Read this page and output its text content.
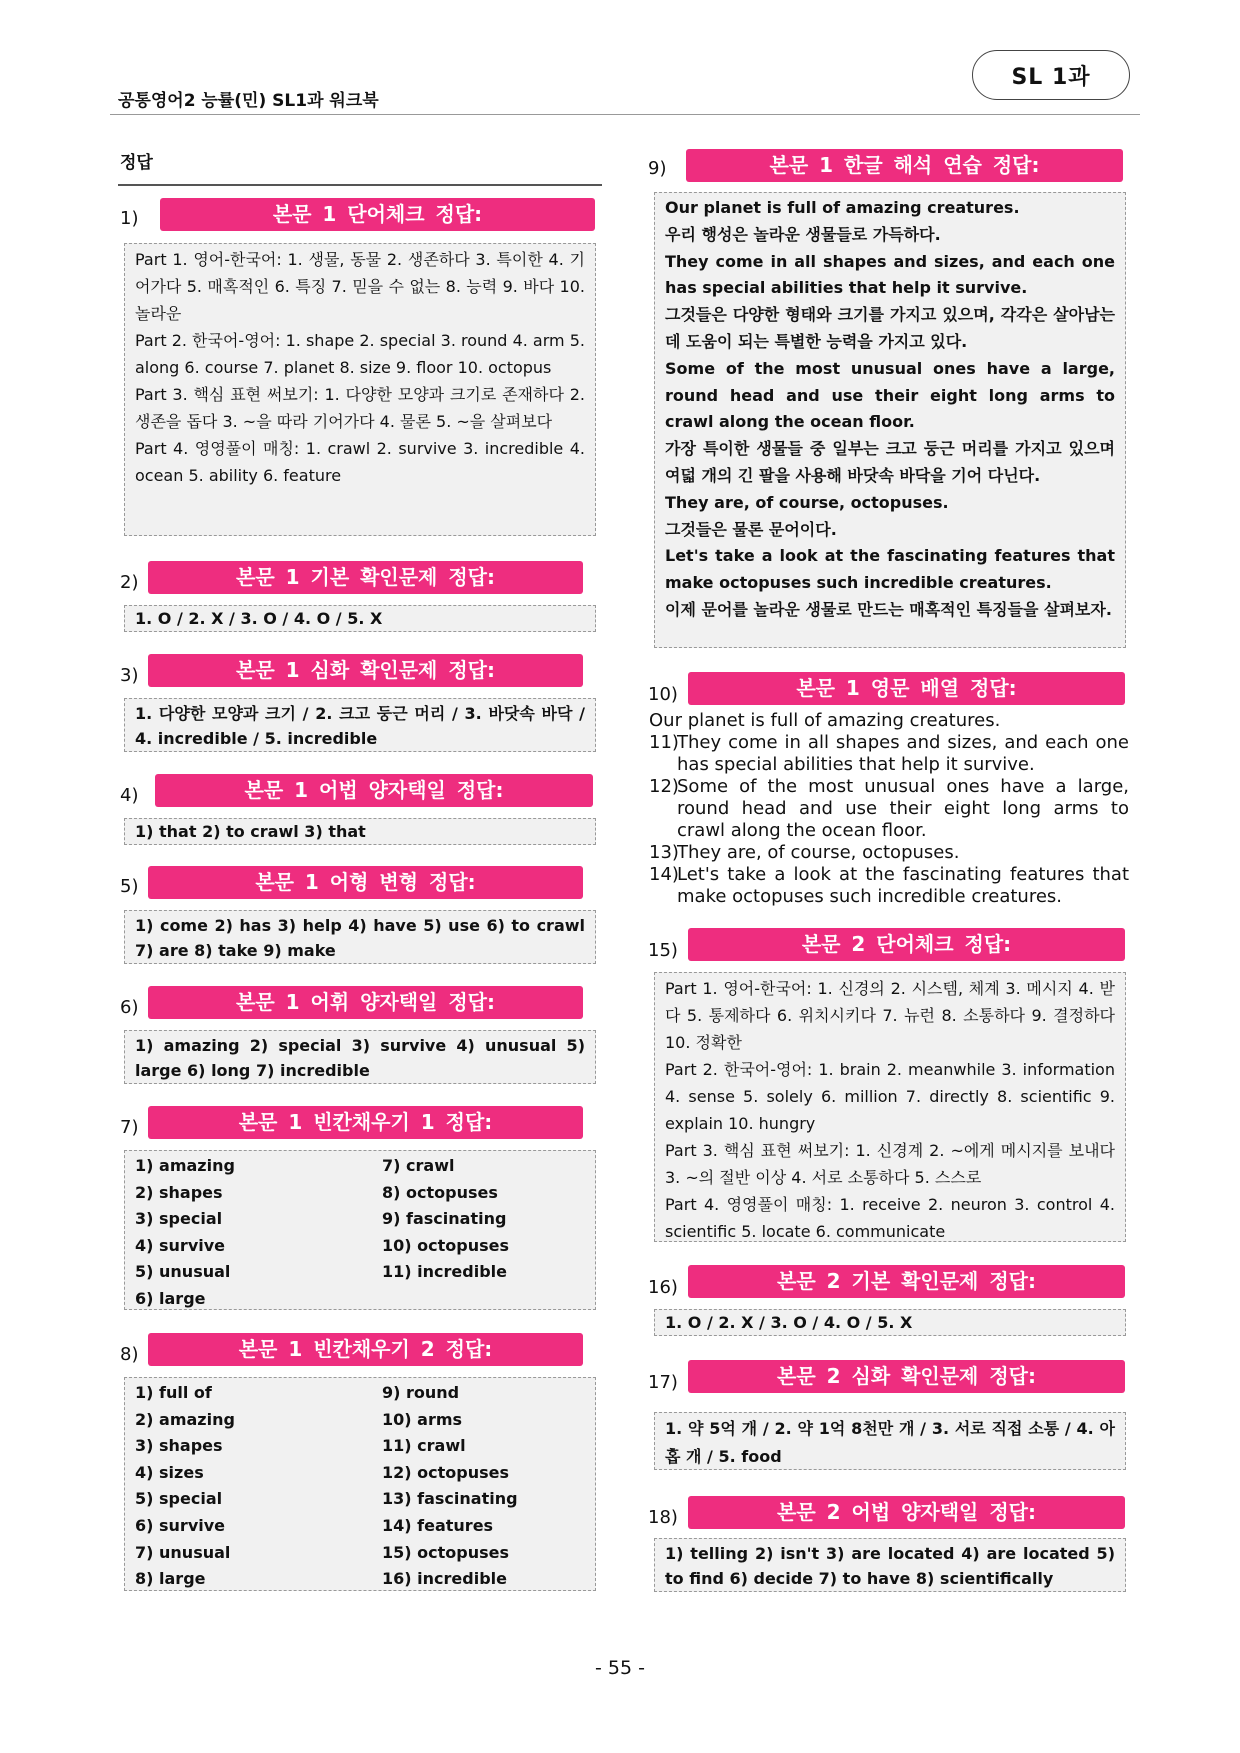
공통영어2 능률(민) SL1과 워크북
SL 1과
정답
1)	본문 1 단어체크 정답:

Part 1. 영어-한국어: 1. 생물, 동물 2. 생존하다 3. 특이한 4. 기어가다 5. 매혹적인 6. 특징 7. 믿을 수 없는 8. 능력 9. 바다 10. 놀라운

Part 2. 한국어-영어: 1. shape 2. special 3. round 4. arm 5. along 6. course 7. planet 8. size 9. floor 10. octopus

Part 3. 핵심 표현 써보기: 1. 다양한 모양과 크기로 존재하다 2. 생존을 돕다 3. ~을 따라 기어가다 4. 물론 5. ~을 살펴보다

Part 4. 영영풀이 매칭: 1. crawl 2. survive 3. incredible 4. ocean 5. ability 6. feature

2)	본문 1 기본 확인문제 정답:
1. O / 2. X / 3. O / 4. O / 5. X
3)	본문 1 심화 확인문제 정답:
1. 다양한 모양과 크기 / 2. 크고 둥근 머리 / 3. 바닷속 바닥 / 4. incredible / 5. incredible
4)	본문 1 어법 양자택일 정답:
1) that 2) to crawl 3) that
5)	본문 1 어형 변형 정답:
1) come 2) has 3) help 4) have 5) use 6) to crawl 7) are 8) take 9) make
6)	본문 1 어휘 양자택일 정답:
1) amazing 2) special 3) survive 4) unusual 5) large 6) long 7) incredible
7)	본문 1 빈칸채우기 1 정답:
1) amazing	7) crawl
2) shapes	8) octopuses
3) special	9) fascinating
4) survive	10) octopuses
5) unusual	11) incredible
6) large
8)	본문 1 빈칸채우기 2 정답:
1) full of	9) round
2) amazing	10) arms
3) shapes	11) crawl
4) sizes	12) octopuses
5) special	13) fascinating
6) survive	14) features
7) unusual	15) octopuses
8) large	16) incredible
9)	본문 1 한글 해석 연습 정답:

Our planet is full of amazing creatures.

우리 행성은 놀라운 생물들로 가득하다.

They come in all shapes and sizes, and each one has special abilities that help it survive.

그것들은 다양한 형태와 크기를 가지고 있으며, 각각은 살아남는 데 도움이 되는 특별한 능력을 가지고 있다.

Some of the most unusual ones have a large, round head and use their eight long arms to crawl along the ocean floor.

가장 특이한 생물들 중 일부는 크고 둥근 머리를 가지고 있으며 여덟 개의 긴 팔을 사용해 바닷속 바닥을 기어 다닌다.

They are, of course, octopuses.

그것들은 물론 문어이다.

Let's take a look at the fascinating features that make octopuses such incredible creatures.

이제 문어를 놀라운 생물로 만드는 매혹적인 특징들을 살펴보자.

10)	본문 1 영문 배열 정답:
Our planet is full of amazing creatures.
11)
They come in all shapes and sizes, and each one has special abilities that help it survive.
12)
Some of the most unusual ones have a large, round head and use their eight long arms to crawl along the ocean floor.
13)
They are, of course, octopuses.
14)
Let's take a look at the fascinating features that make octopuses such incredible creatures.
15)	본문 2 단어체크 정답:

Part 1. 영어-한국어: 1. 신경의 2. 시스템, 체계 3. 메시지 4. 받다 5. 통제하다 6. 위치시키다 7. 뉴런 8. 소통하다 9. 결정하다 10. 정확한

Part 2. 한국어-영어: 1. brain 2. meanwhile 3. information 4. sense 5. solely 6. million 7. directly 8. scientific 9. explain 10. hungry

Part 3. 핵심 표현 써보기: 1. 신경계 2. ~에게 메시지를 보내다 3. ~의 절반 이상 4. 서로 소통하다 5. 스스로

Part 4. 영영풀이 매칭: 1. receive 2. neuron 3. control 4. scientific 5. locate 6. communicate

16)	본문 2 기본 확인문제 정답:
1. O / 2. X / 3. O / 4. O / 5. X
17)	본문 2 심화 확인문제 정답:
1. 약 5억 개 / 2. 약 1억 8천만 개 / 3. 서로 직접 소통 / 4. 아홉 개 / 5. food
18)	본문 2 어법 양자택일 정답:
1) telling 2) isn't 3) are located 4) are located 5) to find 6) decide 7) to have 8) scientifically
- 55 -
